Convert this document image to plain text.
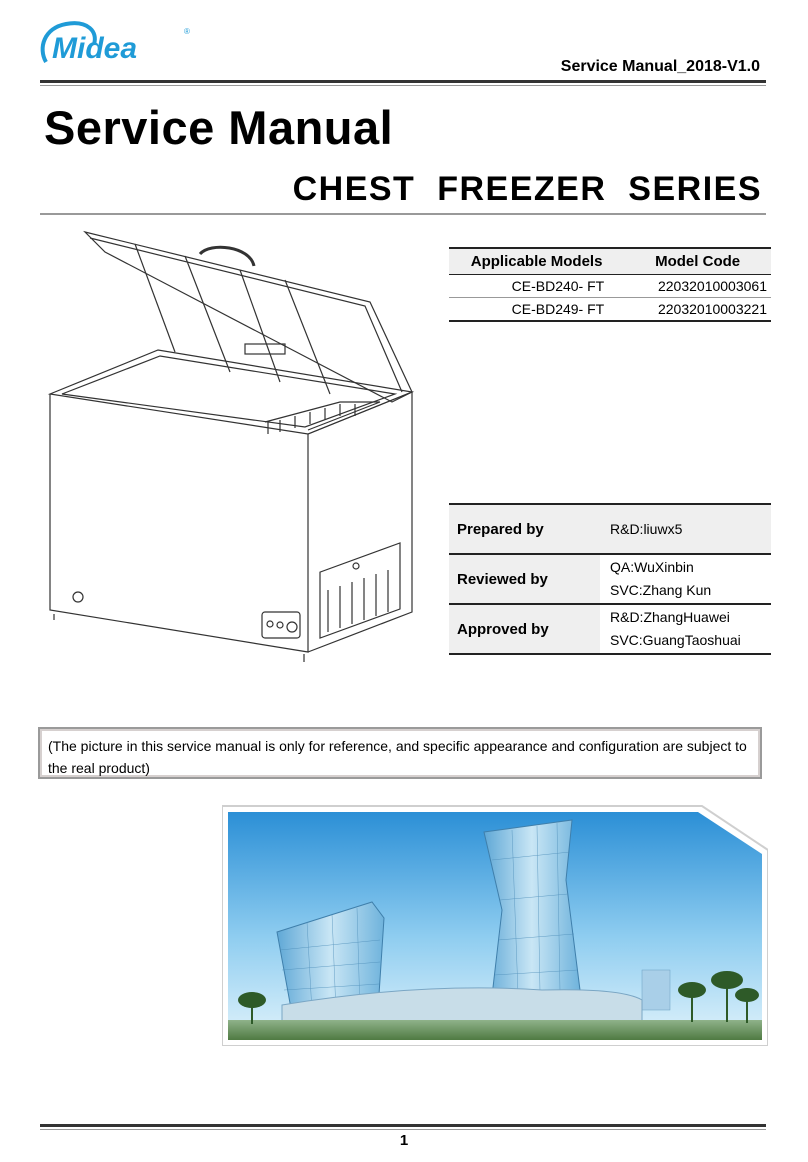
Midea
®
Service Manual_2018-V1.0
Service Manual
CHEST  FREEZER  SERIES
Applicable Models	Model Code
CE-BD240- FT	22032010003061
CE-BD249- FT	22032010003221
Prepared by	R&D:liuwx5

Reviewed by	QA:WuXinbin
SVC:Zhang Kun

Approved by	R&D:ZhangHuawei
SVC:GuangTaoshuai
(The picture in this service manual is only for reference, and specific appearance and configuration are subject to the real product)
1
